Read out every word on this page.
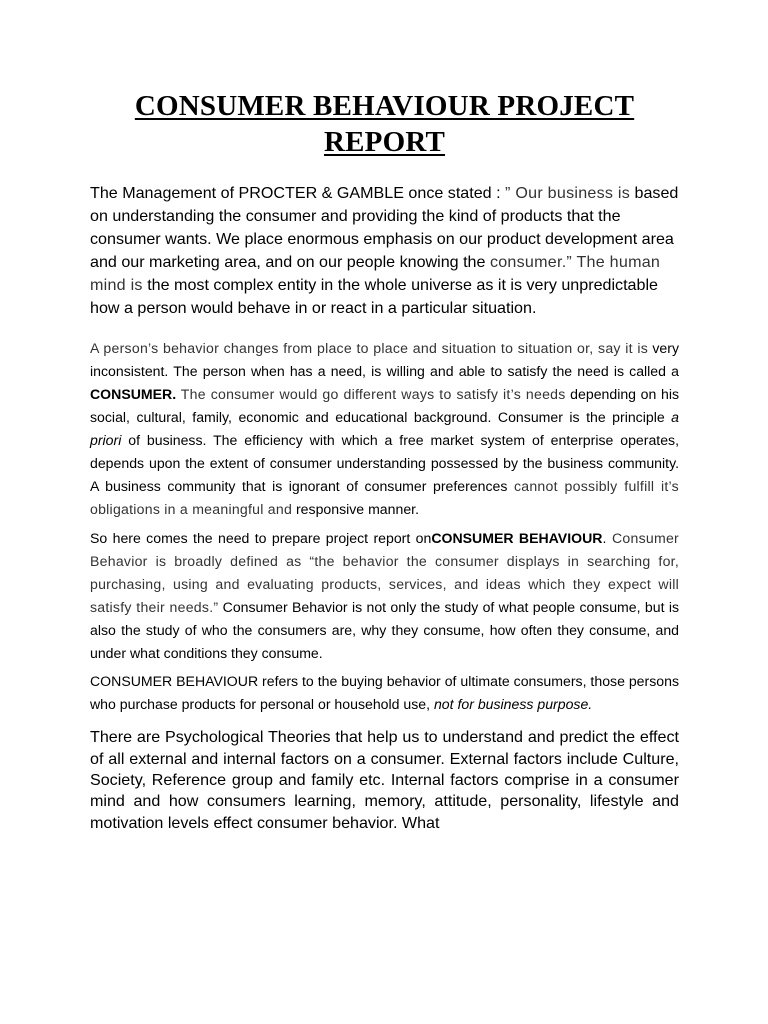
CONSUMER BEHAVIOUR PROJECT REPORT

The Management of PROCTER & GAMBLE once stated : ” Our business is based on understanding the consumer and providing the kind of products that the consumer wants. We place enormous emphasis on our product development area and our marketing area, and on our people knowing the consumer.” The human mind is the most complex entity in the whole universe as it is very unpredictable how a person would behave in or react in a particular situation.

A person’s behavior changes from place to place and situation to situation or, say it is very inconsistent. The person when has a need, is willing and able to satisfy the need is called a CONSUMER. The consumer would go different ways to satisfy it’s needs depending on his social, cultural, family, economic and educational background. Consumer is the principle a priori of business. The efficiency with which a free market system of enterprise operates, depends upon the extent of consumer understanding possessed by the business community. A business community that is ignorant of consumer preferences cannot possibly fulfill it’s obligations in a meaningful and responsive manner.

So here comes the need to prepare project report onCONSUMER BEHAVIOUR. Consumer Behavior is broadly defined as “the behavior the consumer displays in searching for, purchasing, using and evaluating products, services, and ideas which they expect will satisfy their needs.” Consumer Behavior is not only the study of what people consume, but is also the study of who the consumers are, why they consume, how often they consume, and under what conditions they consume.

CONSUMER BEHAVIOUR refers to the buying behavior of ultimate consumers, those persons who purchase products for personal or household use, not for business purpose.

There are Psychological Theories that help us to understand and predict the effect of all external and internal factors on a consumer. External factors include Culture, Society, Reference group and family etc. Internal factors comprise in a consumer mind and how consumers learning, memory, attitude, personality, lifestyle and motivation levels effect consumer behavior. What
